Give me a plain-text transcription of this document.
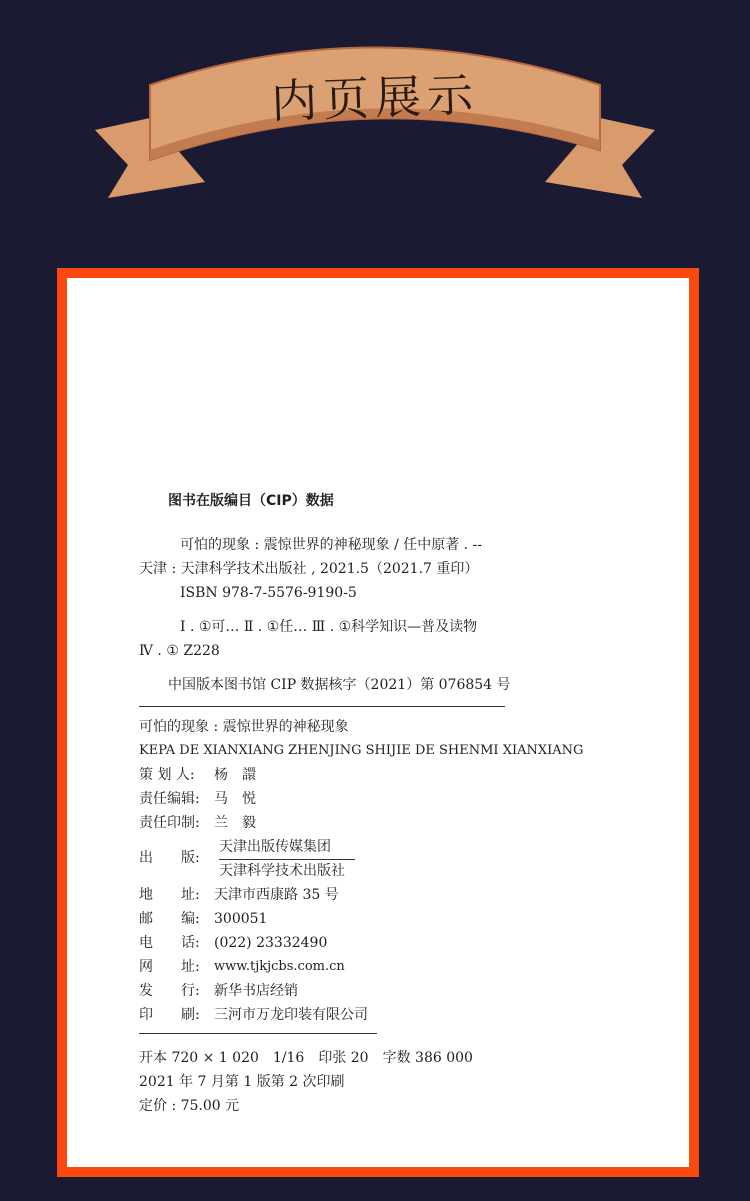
内页展示
图书在版编目（CIP）数据
可怕的现象 : 震惊世界的神秘现象 / 任中原著 . --
天津 : 天津科学技术出版社 , 2021.5（2021.7 重印）
ISBN 978-7-5576-9190-5
Ⅰ . ①可… Ⅱ . ①任… Ⅲ . ①科学知识—普及读物
Ⅳ . ① Z228
中国版本图书馆 CIP 数据核字（2021）第 076854 号
可怕的现象 : 震惊世界的神秘现象
KEPA DE XIANXIANG ZHENJING SHIJIE DE SHENMI XIANXIANG
策 划 人: 杨　譞
责任编辑: 马　悦
责任印制: 兰　毅
出　　版:
天津出版传媒集团
天津科学技术出版社
地　　址: 天津市西康路 35 号
邮　　编: 300051
电　　话: (022) 23332490
网　　址: www.tjkjcbs.com.cn
发　　行: 新华书店经销
印　　刷: 三河市万龙印装有限公司
开本 720 × 1 020　1/16　印张 20　字数 386 000
2021 年 7 月第 1 版第 2 次印刷
定价 : 75.00 元
